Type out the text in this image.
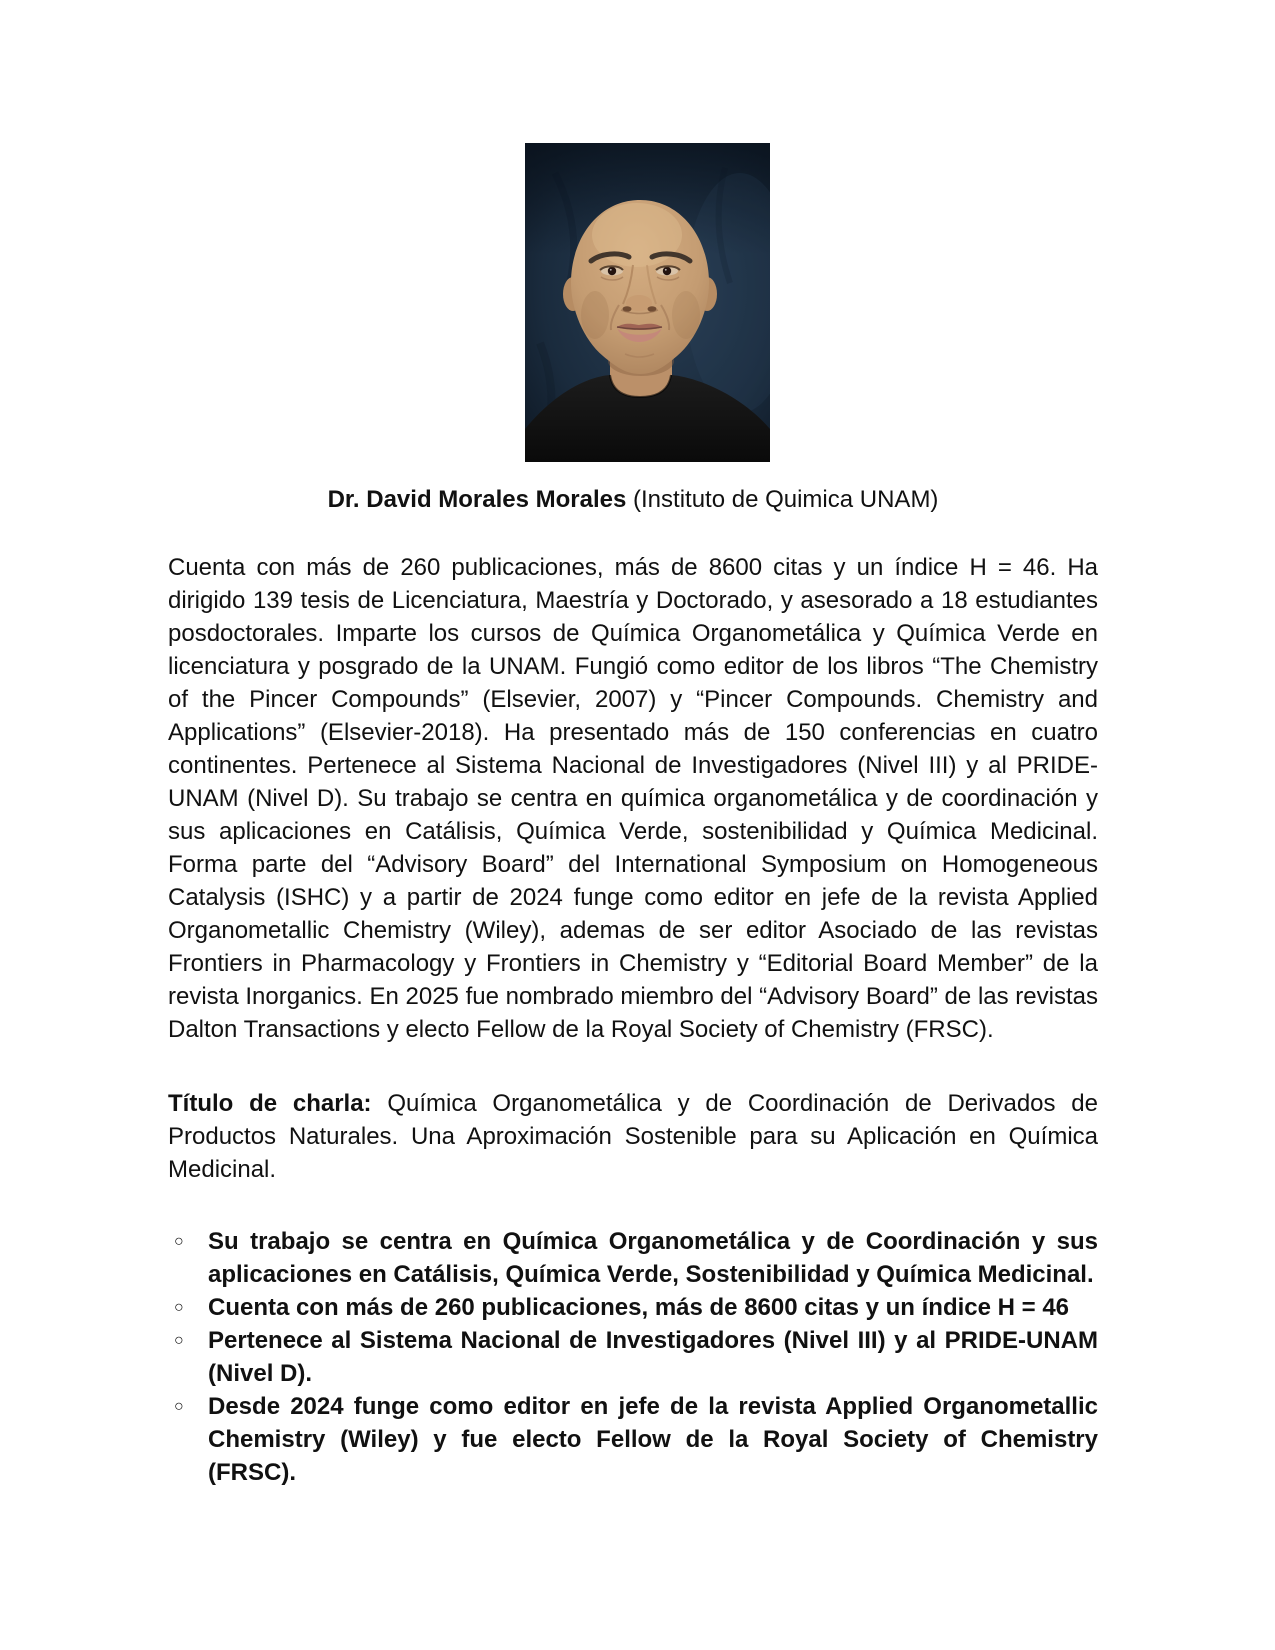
Dr. David Morales Morales (Instituto de Quimica UNAM)

Cuenta con más de 260 publicaciones, más de 8600 citas y un índice H = 46. Ha dirigido 139 tesis de Licenciatura, Maestría y Doctorado, y asesorado a 18 estudiantes posdoctorales. Imparte los cursos de Química Organometálica y Química Verde en licenciatura y posgrado de la UNAM. Fungió como editor de los libros “The Chemistry of the Pincer Compounds” (Elsevier, 2007) y “Pincer Compounds. Chemistry and Applications” (Elsevier-2018). Ha presentado más de 150 conferencias en cuatro continentes. Pertenece al Sistema Nacional de Investigadores (Nivel III) y al PRIDE-UNAM (Nivel D). Su trabajo se centra en química organometálica y de coordinación y sus aplicaciones en Catálisis, Química Verde, sostenibilidad y Química Medicinal. Forma parte del “Advisory Board” del International Symposium on Homogeneous Catalysis (ISHC) y a partir de 2024 funge como editor en jefe de la revista Applied Organometallic Chemistry (Wiley), ademas de ser editor Asociado de las revistas Frontiers in Pharmacology y Frontiers in Chemistry y “Editorial Board Member” de la revista Inorganics. En 2025 fue nombrado miembro del “Advisory Board” de las revistas Dalton Transactions y electo Fellow de la Royal Society of Chemistry (FRSC).

Título de charla: Química Organometálica y de Coordinación de Derivados de Productos Naturales. Una Aproximación Sostenible para su Aplicación en Química Medicinal.

○	Su trabajo se centra en Química Organometálica y de Coordinación y sus aplicaciones en Catálisis, Química Verde, Sostenibilidad y Química Medicinal.
○	Cuenta con más de 260 publicaciones, más de 8600 citas y un índice H = 46
○	Pertenece al Sistema Nacional de Investigadores (Nivel III) y al PRIDE-UNAM (Nivel D).
○	Desde 2024 funge como editor en jefe de la revista Applied Organometallic Chemistry (Wiley) y fue electo Fellow de la Royal Society of Chemistry (FRSC).
